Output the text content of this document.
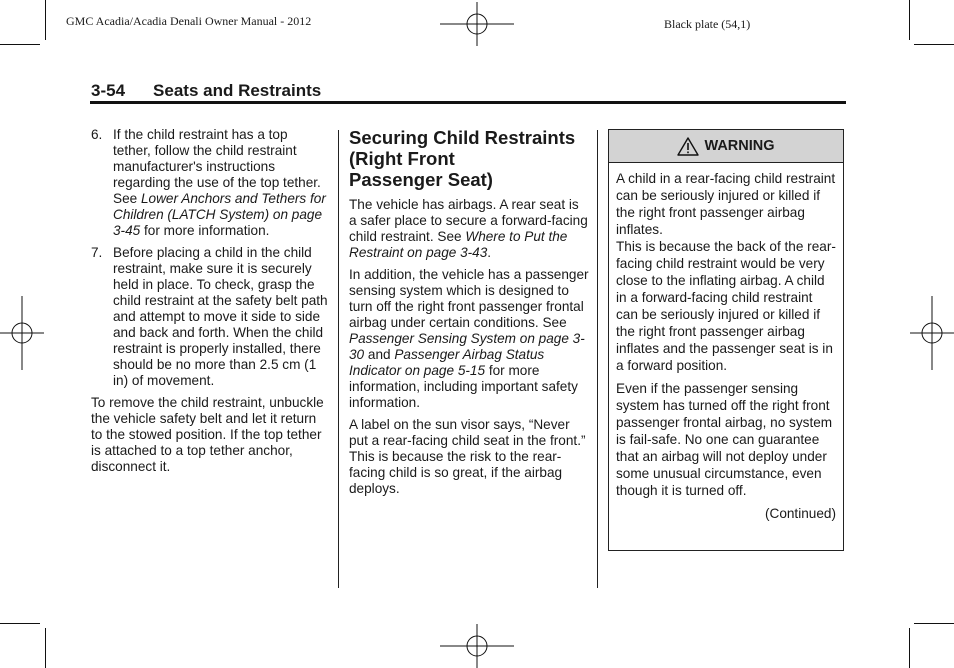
GMC Acadia/Acadia Denali Owner Manual - 2012	Black plate (54,1)
3-54 Seats and Restraints
6. If the child restraint has a top tether, follow the child restraint manufacturer's instructions regarding the use of the top tether. See Lower Anchors and Tethers for Children (LATCH System) on page 3-45 for more information.
7. Before placing a child in the child restraint, make sure it is securely held in place. To check, grasp the child restraint at the safety belt path and attempt to move it side to side and back and forth. When the child restraint is properly installed, there should be no more than 2.5 cm (1 in) of movement.

To remove the child restraint, unbuckle the vehicle safety belt and let it return to the stowed position. If the top tether is attached to a top tether anchor, disconnect it.

Securing Child Restraints
(Right Front
Passenger Seat)

The vehicle has airbags. A rear seat is a safer place to secure a forward-facing child restraint. See Where to Put the Restraint on page 3-43.

In addition, the vehicle has a passenger sensing system which is designed to turn off the right front passenger frontal airbag under certain conditions. See Passenger Sensing System on page 3-30 and Passenger Airbag Status Indicator on page 5-15 for more information, including important safety information.

A label on the sun visor says, “Never put a rear-facing child seat in the front.” This is because the risk to the rear-facing child is so great, if the airbag deploys.

WARNING

A child in a rear-facing child restraint can be seriously injured or killed if the right front passenger airbag inflates.
This is because the back of the rear-facing child restraint would be very close to the inflating airbag. A child in a forward-facing child restraint can be seriously injured or killed if the right front passenger airbag inflates and the passenger seat is in a forward position.

Even if the passenger sensing system has turned off the right front passenger frontal airbag, no system is fail-safe. No one can guarantee that an airbag will not deploy under some unusual circumstance, even though it is turned off.

(Continued)
